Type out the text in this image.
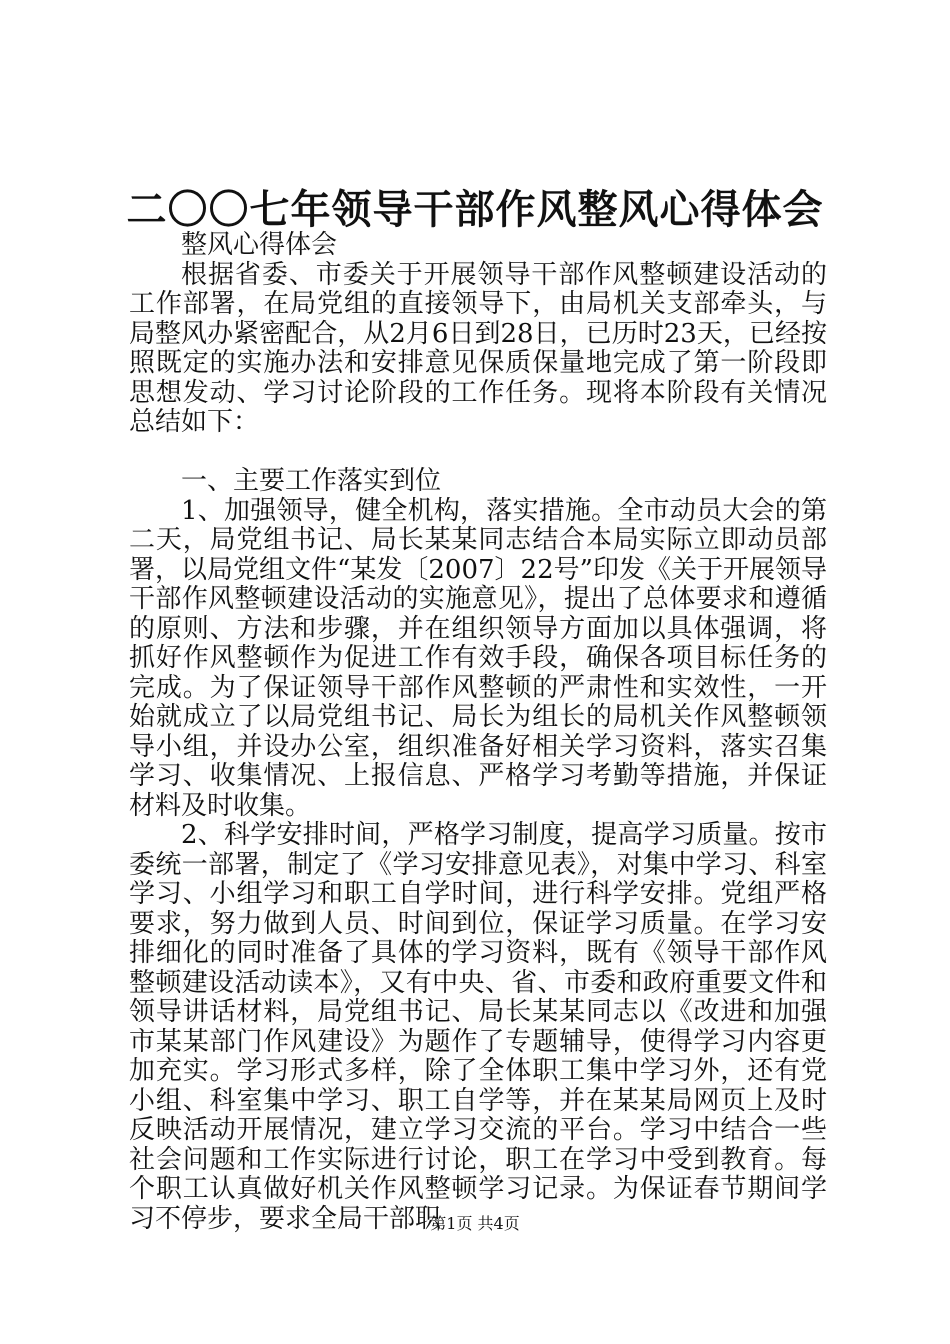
二〇〇七年领导干部作风整风心得体会

整风心得体会

根据省委、市委关于开展领导干部作风整顿建设活动的工作部署，在局党组的直接领导下，由局机关支部牵头，与局整风办紧密配合，从2月6日到28日，已历时23天，已经按照既定的实施办法和安排意见保质保量地完成了第一阶段即思想发动、学习讨论阶段的工作任务。现将本阶段有关情况总结如下：

一、主要工作落实到位

1、加强领导，健全机构，落实措施。全市动员大会的第二天，局党组书记、局长某某同志结合本局实际立即动员部署，以局党组文件“某发〔2007〕22号”印发《关于开展领导干部作风整顿建设活动的实施意见》，提出了总体要求和遵循的原则、方法和步骤，并在组织领导方面加以具体强调，将抓好作风整顿作为促进工作有效手段，确保各项目标任务的完成。为了保证领导干部作风整顿的严肃性和实效性，一开始就成立了以局党组书记、局长为组长的局机关作风整顿领导小组，并设办公室，组织准备好相关学习资料，落实召集学习、收集情况、上报信息、严格学习考勤等措施，并保证材料及时收集。

2、科学安排时间，严格学习制度，提高学习质量。按市委统一部署，制定了《学习安排意见表》，对集中学习、科室学习、小组学习和职工自学时间，进行科学安排。党组严格要求，努力做到人员、时间到位，保证学习质量。在学习安排细化的同时准备了具体的学习资料，既有《领导干部作风整顿建设活动读本》，又有中央、省、市委和政府重要文件和领导讲话材料，局党组书记、局长某某同志以《改进和加强市某某部门作风建设》为题作了专题辅导，使得学习内容更加充实。学习形式多样，除了全体职工集中学习外，还有党小组、科室集中学习、职工自学等，并在某某局网页上及时反映活动开展情况，建立学习交流的平台。学习中结合一些社会问题和工作实际进行讨论，职工在学习中受到教育。每个职工认真做好机关作风整顿学习记录。为保证春节期间学习不停步，要求全局干部职

第1页 共4页
